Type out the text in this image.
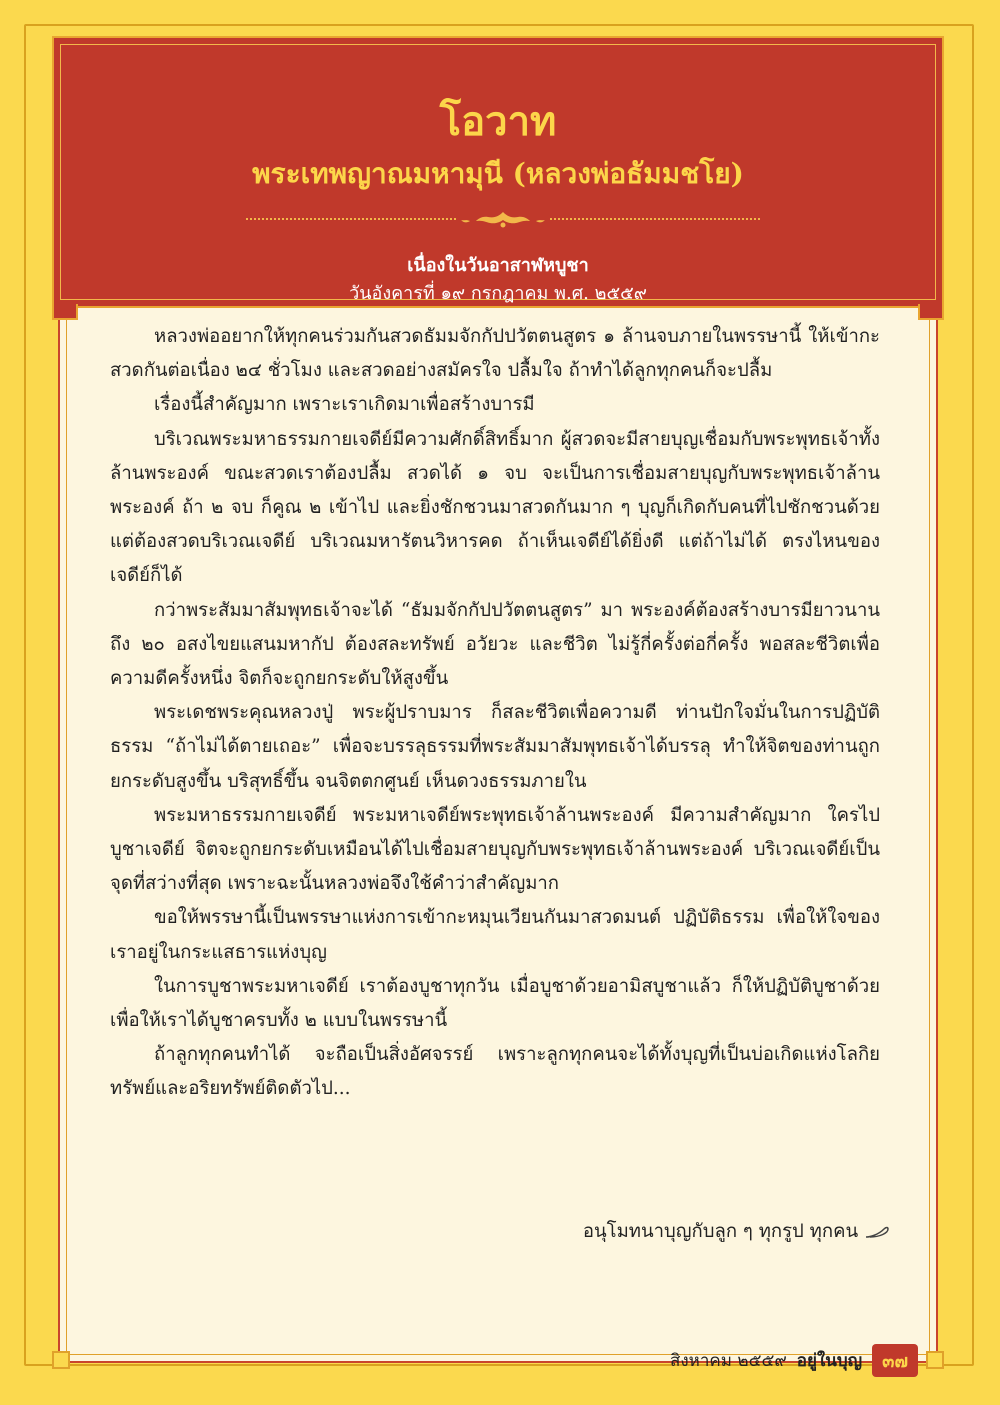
โอวาท
พระเทพญาณมหามุนี (หลวงพ่อธัมมชโย)
เนื่องในวันอาสาฬหบูชา
วันอังคารที่ ๑๙ กรกฎาคม พ.ศ. ๒๕๕๙

หลวงพ่ออยากให้ทุกคนร่วมกันสวดธัมมจักกัปปวัตตนสูตร ๑ ล้านจบภายในพรรษานี้ ให้เข้ากะสวดกันต่อเนื่อง ๒๔ ชั่วโมง และสวดอย่างสมัครใจ ปลื้มใจ ถ้าทำได้ลูกทุกคนก็จะปลื้ม

เรื่องนี้สำคัญมาก เพราะเราเกิดมาเพื่อสร้างบารมี

บริเวณพระมหาธรรมกายเจดีย์มีความศักดิ์สิทธิ์มาก ผู้สวดจะมีสายบุญเชื่อมกับพระพุทธเจ้าทั้งล้านพระองค์ ขณะสวดเราต้องปลื้ม สวดได้ ๑ จบ จะเป็นการเชื่อมสายบุญกับพระพุทธเจ้าล้านพระองค์ ถ้า ๒ จบ ก็คูณ ๒ เข้าไป และยิ่งชักชวนมาสวดกันมาก ๆ บุญก็เกิดกับคนที่ไปชักชวนด้วย แต่ต้องสวดบริเวณเจดีย์ บริเวณมหารัตนวิหารคด ถ้าเห็นเจดีย์ได้ยิ่งดี แต่ถ้าไม่ได้ ตรงไหนของเจดีย์ก็ได้

กว่าพระสัมมาสัมพุทธเจ้าจะได้ “ธัมมจักกัปปวัตตนสูตร” มา พระองค์ต้องสร้างบารมียาวนานถึง ๒๐ อสงไขยแสนมหากัป ต้องสละทรัพย์ อวัยวะ และชีวิต ไม่รู้กี่ครั้งต่อกี่ครั้ง พอสละชีวิตเพื่อความดีครั้งหนึ่ง จิตก็จะถูกยกระดับให้สูงขึ้น

พระเดชพระคุณหลวงปู่ พระผู้ปราบมาร ก็สละชีวิตเพื่อความดี ท่านปักใจมั่นในการปฏิบัติธรรม “ถ้าไม่ได้ตายเถอะ” เพื่อจะบรรลุธรรมที่พระสัมมาสัมพุทธเจ้าได้บรรลุ ทำให้จิตของท่านถูกยกระดับสูงขึ้น บริสุทธิ์ขึ้น จนจิตตกศูนย์ เห็นดวงธรรมภายใน

พระมหาธรรมกายเจดีย์ พระมหาเจดีย์พระพุทธเจ้าล้านพระองค์ มีความสำคัญมาก ใครไปบูชาเจดีย์ จิตจะถูกยกระดับเหมือนได้ไปเชื่อมสายบุญกับพระพุทธเจ้าล้านพระองค์ บริเวณเจดีย์เป็นจุดที่สว่างที่สุด เพราะฉะนั้นหลวงพ่อจึงใช้คำว่าสำคัญมาก

ขอให้พรรษานี้เป็นพรรษาแห่งการเข้ากะหมุนเวียนกันมาสวดมนต์ ปฏิบัติธรรม เพื่อให้ใจของเราอยู่ในกระแสธารแห่งบุญ

ในการบูชาพระมหาเจดีย์ เราต้องบูชาทุกวัน เมื่อบูชาด้วยอามิสบูชาแล้ว ก็ให้ปฏิบัติบูชาด้วย เพื่อให้เราได้บูชาครบทั้ง ๒ แบบในพรรษานี้

ถ้าลูกทุกคนทำได้ จะถือเป็นสิ่งอัศจรรย์ เพราะลูกทุกคนจะได้ทั้งบุญที่เป็นบ่อเกิดแห่งโลกิยทรัพย์และอริยทรัพย์ติดตัวไป...

อนุโมทนาบุญกับลูก ๆ ทุกรูป ทุกคน
สิงหาคม ๒๕๕๙ อยู่ในบุญ	๓๗
